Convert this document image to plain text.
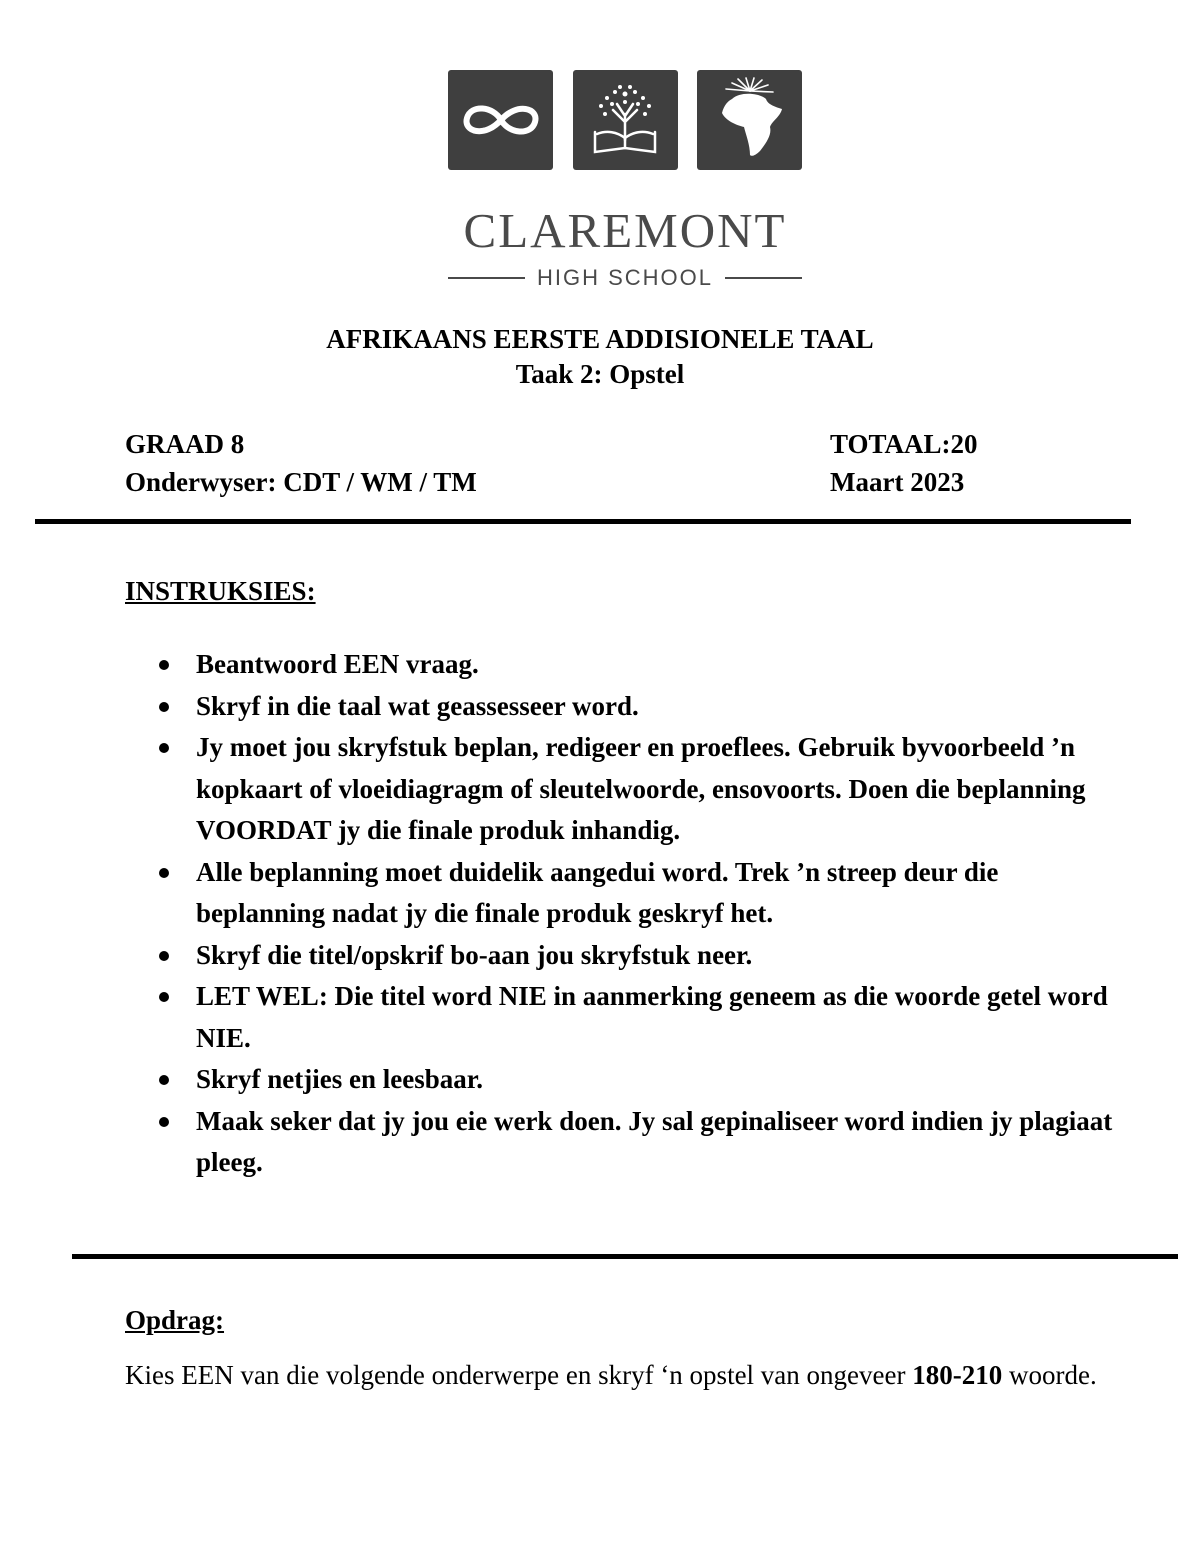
CLAREMONT
HIGH SCHOOL
AFRIKAANS EERSTE ADDISIONELE TAAL
Taak 2: Opstel
GRAAD 8
Onderwyser: CDT / WM / TM
TOTAAL:20
Maart 2023
INSTRUKSIES:
Beantwoord EEN vraag.
Skryf in die taal wat geassesseer word.
Jy moet jou skryfstuk beplan, redigeer en proeflees. Gebruik byvoorbeeld ’n kopkaart of vloeidiagragm of sleutelwoorde, ensovoorts. Doen die beplanning VOORDAT jy die finale produk inhandig.
Alle beplanning moet duidelik aangedui word. Trek ’n streep deur die beplanning nadat jy die finale produk geskryf het.
Skryf die titel/opskrif bo-aan jou skryfstuk neer.
LET WEL: Die titel word NIE in aanmerking geneem as die woorde getel word NIE.
Skryf netjies en leesbaar.
Maak seker dat jy jou eie werk doen. Jy sal gepinaliseer word indien jy plagiaat pleeg.
Opdrag:
Kies EEN van die volgende onderwerpe en skryf ‘n opstel van ongeveer 180-210 woorde.
